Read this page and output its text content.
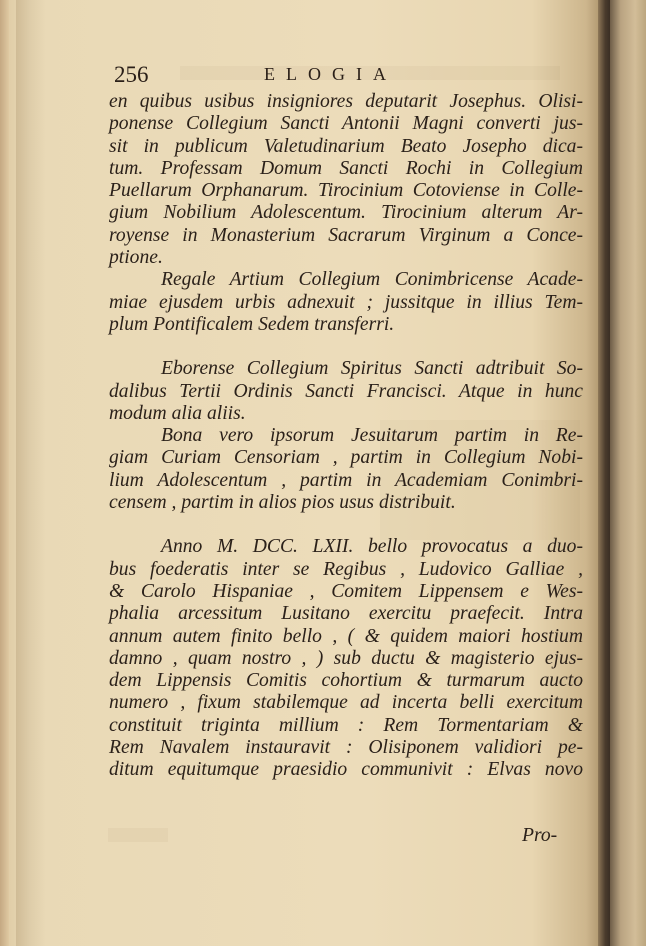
256	ELOGIA
en quibus usibus insigniores deputarit Josephus. Olisi-
ponense Collegium Sancti Antonii Magni converti jus-
sit in publicum Valetudinarium Beato Josepho dica-
tum. Professam Domum Sancti Rochi in Collegium
Puellarum Orphanarum. Tirocinium Cotoviense in Colle-
gium Nobilium Adolescentum. Tirocinium alterum Ar-
royense in Monasterium Sacrarum Virginum a Conce-
ptione.
Regale Artium Collegium Conimbricense Acade-
miae ejusdem urbis adnexuit ; jussitque in illius Tem-
plum Pontificalem Sedem transferri.
Eborense Collegium Spiritus Sancti adtribuit So-
dalibus Tertii Ordinis Sancti Francisci. Atque in hunc
modum alia aliis.
Bona vero ipsorum Jesuitarum partim in Re-
giam Curiam Censoriam , partim in Collegium Nobi-
lium Adolescentum , partim in Academiam Conimbri-
censem , partim in alios pios usus distribuit.
Anno M. DCC. LXII. bello provocatus a duo-
bus foederatis inter se Regibus , Ludovico Galliae ,
& Carolo Hispaniae , Comitem Lippensem e Wes-
phalia arcessitum Lusitano exercitu praefecit. Intra
annum autem finito bello , ( & quidem maiori hostium
damno , quam nostro , ) sub ductu & magisterio ejus-
dem Lippensis Comitis cohortium & turmarum aucto
numero , fixum stabilemque ad incerta belli exercitum
constituit triginta millium : Rem Tormentariam &
Rem Navalem instauravit : Olisiponem validiori pe-
ditum equitumque praesidio communivit : Elvas novo
Pro-
